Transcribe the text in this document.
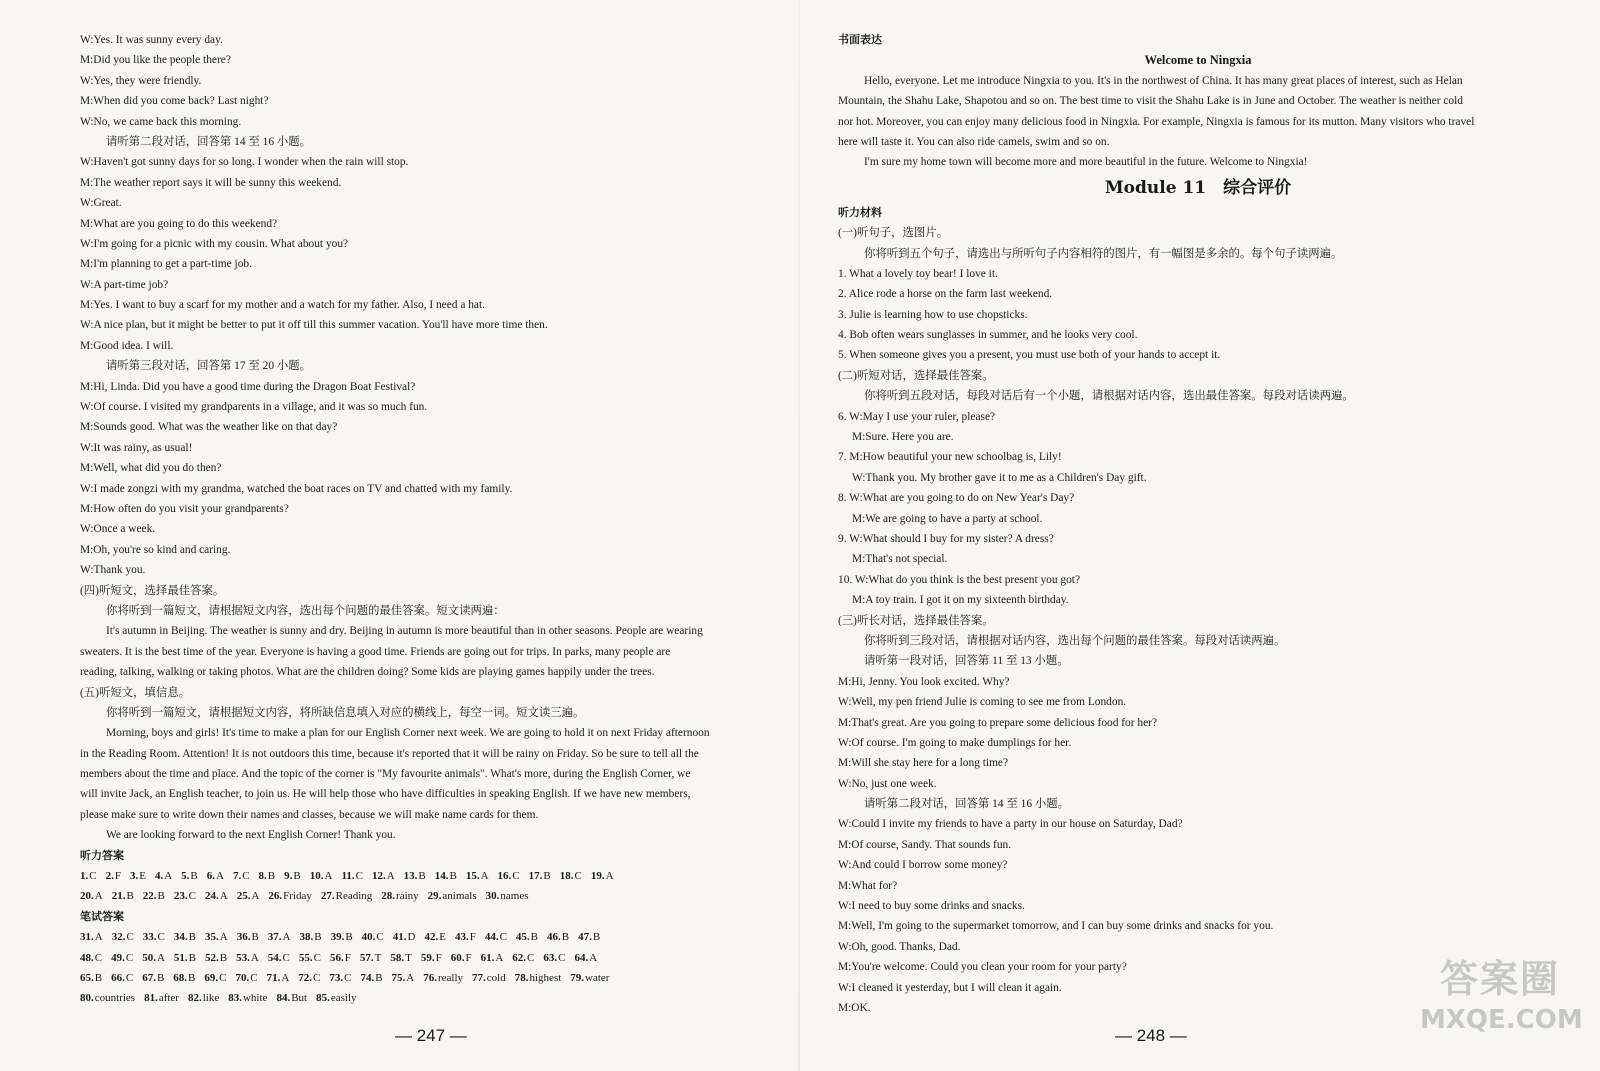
W:Yes. It was sunny every day.
M:Did you like the people there?
W:Yes, they were friendly.
M:When did you come back? Last night?
W:No, we came back this morning.
请听第二段对话，回答第 14 至 16 小题。
W:Haven't got sunny days for so long. I wonder when the rain will stop.
M:The weather report says it will be sunny this weekend.
W:Great.
M:What are you going to do this weekend?
W:I'm going for a picnic with my cousin. What about you?
M:I'm planning to get a part-time job.
W:A part-time job?
M:Yes. I want to buy a scarf for my mother and a watch for my father. Also, I need a hat.
W:A nice plan, but it might be better to put it off till this summer vacation. You'll have more time then.
M:Good idea. I will.
请听第三段对话，回答第 17 至 20 小题。
M:Hi, Linda. Did you have a good time during the Dragon Boat Festival?
W:Of course. I visited my grandparents in a village, and it was so much fun.
M:Sounds good. What was the weather like on that day?
W:It was rainy, as usual!
M:Well, what did you do then?
W:I made zongzi with my grandma, watched the boat races on TV and chatted with my family.
M:How often do you visit your grandparents?
W:Once a week.
M:Oh, you're so kind and caring.
W:Thank you.
(四)听短文，选择最佳答案。
你将听到一篇短文，请根据短文内容，选出每个问题的最佳答案。短文读两遍：
It's autumn in Beijing. The weather is sunny and dry. Beijing in autumn is more beautiful than in other seasons. People are wearing
sweaters. It is the best time of the year. Everyone is having a good time. Friends are going out for trips. In parks, many people are
reading, talking, walking or taking photos. What are the children doing? Some kids are playing games happily under the trees.
(五)听短文，填信息。
你将听到一篇短文，请根据短文内容，将所缺信息填入对应的横线上，每空一词。短文读三遍。
Morning, boys and girls! It's time to make a plan for our English Corner next week. We are going to hold it on next Friday afternoon
in the Reading Room. Attention! It is not outdoors this time, because it's reported that it will be rainy on Friday. So be sure to tell all the
members about the time and place. And the topic of the corner is "My favourite animals". What's more, during the English Corner, we
will invite Jack, an English teacher, to join us. He will help those who have difficulties in speaking English. If we have new members,
please make sure to write down their names and classes, because we will make name cards for them.
We are looking forward to the next English Corner! Thank you.
听力答案
1.C 2.F 3.E 4.A 5.B 6.A 7.C 8.B 9.B 10.A 11.C 12.A 13.B 14.B 15.A 16.C 17.B 18.C 19.A
20.A 21.B 22.B 23.C 24.A 25.A 26.Friday 27.Reading 28.rainy 29.animals 30.names
笔试答案
31.A 32.C 33.C 34.B 35.A 36.B 37.A 38.B 39.B 40.C 41.D 42.E 43.F 44.C 45.B 46.B 47.B
48.C 49.C 50.A 51.B 52.B 53.A 54.C 55.C 56.F 57.T 58.T 59.F 60.F 61.A 62.C 63.C 64.A
65.B 66.C 67.B 68.B 69.C 70.C 71.A 72.C 73.C 74.B 75.A 76.really 77.cold 78.highest 79.water
80.countries 81.after 82.like 83.white 84.But 85.easily
— 247 —
书面表达
Welcome to Ningxia
Hello, everyone. Let me introduce Ningxia to you. It's in the northwest of China. It has many great places of interest, such as Helan
Mountain, the Shahu Lake, Shapotou and so on. The best time to visit the Shahu Lake is in June and October. The weather is neither cold
nor hot. Moreover, you can enjoy many delicious food in Ningxia. For example, Ningxia is famous for its mutton. Many visitors who travel
here will taste it. You can also ride camels, swim and so on.
I'm sure my home town will become more and more beautiful in the future. Welcome to Ningxia!
Module 11　综合评价
听力材料
(一)听句子，选图片。
你将听到五个句子，请选出与所听句子内容相符的图片，有一幅图是多余的。每个句子读两遍。
1. What a lovely toy bear! I love it.
2. Alice rode a horse on the farm last weekend.
3. Julie is learning how to use chopsticks.
4. Bob often wears sunglasses in summer, and he looks very cool.
5. When someone gives you a present, you must use both of your hands to accept it.
(二)听短对话，选择最佳答案。
你将听到五段对话，每段对话后有一个小题，请根据对话内容，选出最佳答案。每段对话读两遍。
6. W:May I use your ruler, please?
M:Sure. Here you are.
7. M:How beautiful your new schoolbag is, Lily!
W:Thank you. My brother gave it to me as a Children's Day gift.
8. W:What are you going to do on New Year's Day?
M:We are going to have a party at school.
9. W:What should I buy for my sister? A dress?
M:That's not special.
10. W:What do you think is the best present you got?
M:A toy train. I got it on my sixteenth birthday.
(三)听长对话，选择最佳答案。
你将听到三段对话，请根据对话内容，选出每个问题的最佳答案。每段对话读两遍。
请听第一段对话，回答第 11 至 13 小题。
M:Hi, Jenny. You look excited. Why?
W:Well, my pen friend Julie is coming to see me from London.
M:That's great. Are you going to prepare some delicious food for her?
W:Of course. I'm going to make dumplings for her.
M:Will she stay here for a long time?
W:No, just one week.
请听第二段对话，回答第 14 至 16 小题。
W:Could I invite my friends to have a party in our house on Saturday, Dad?
M:Of course, Sandy. That sounds fun.
W:And could I borrow some money?
M:What for?
W:I need to buy some drinks and snacks.
M:Well, I'm going to the supermarket tomorrow, and I can buy some drinks and snacks for you.
W:Oh, good. Thanks, Dad.
M:You're welcome. Could you clean your room for your party?
W:I cleaned it yesterday, but I will clean it again.
M:OK.
— 248 —
答案圈
MXQE.COM
